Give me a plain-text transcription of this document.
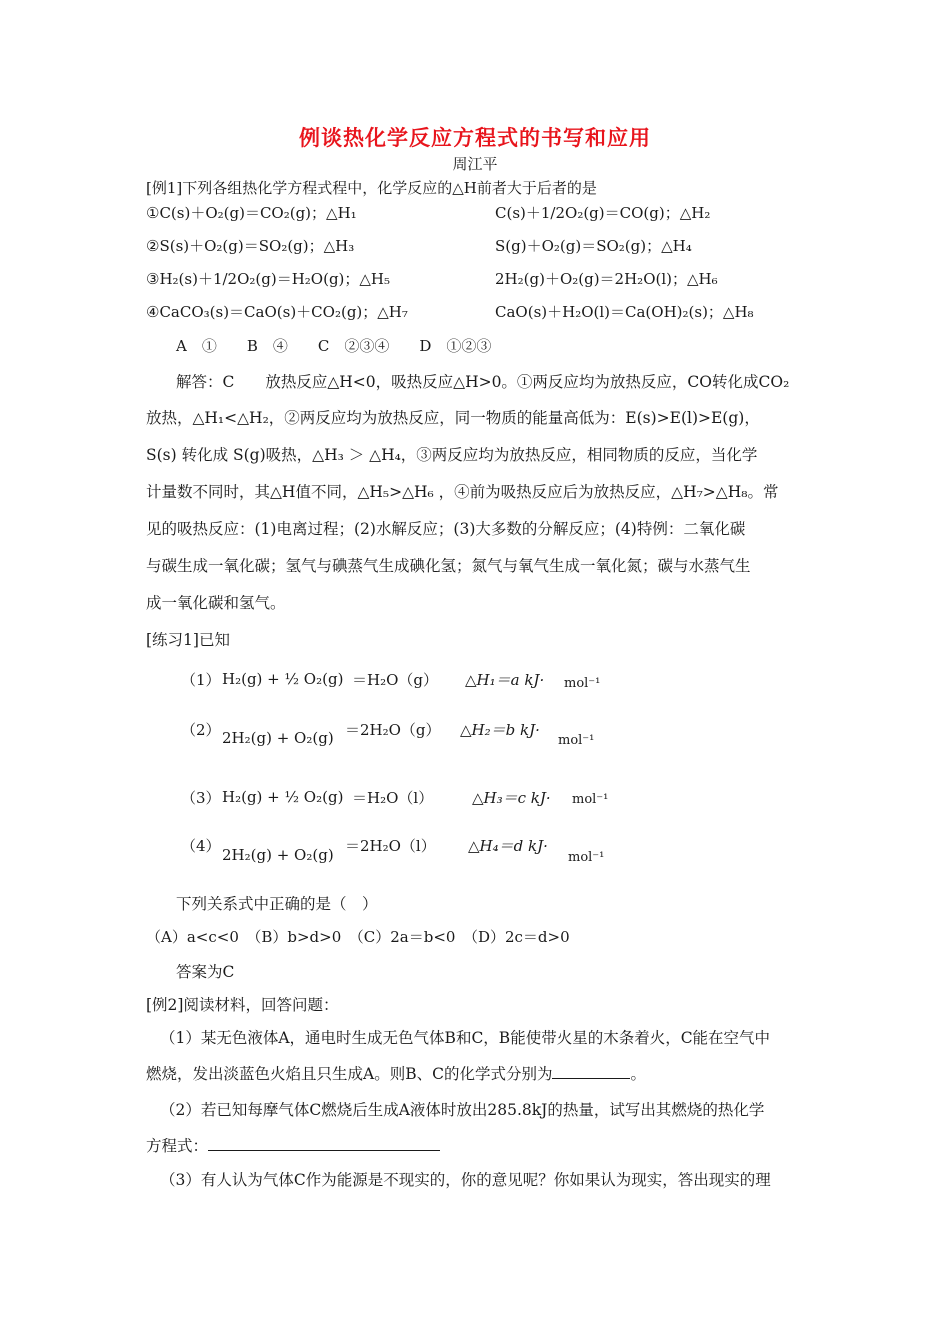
例谈热化学反应方程式的书写和应用
周江平
[例1]下列各组热化学方程式程中，化学反应的△H前者大于后者的是
①C(s)＋O₂(g)＝CO₂(g)；△H₁	C(s)＋1/2O₂(g)＝CO(g)；△H₂
②S(s)＋O₂(g)＝SO₂(g)；△H₃	S(g)＋O₂(g)＝SO₂(g)；△H₄
③H₂(s)＋1/2O₂(g)＝H₂O(g)；△H₅	2H₂(g)＋O₂(g)＝2H₂O(l)；△H₆
④CaCO₃(s)＝CaO(s)＋CO₂(g)；△H₇	CaO(s)＋H₂O(l)＝Ca(OH)₂(s)；△H₈
A　①　　B　④　　C　②③④　　D　①②③
解答：C　　放热反应△H<0，吸热反应△H>0。①两反应均为放热反应，CO转化成CO₂
放热，△H₁<△H₂，②两反应均为放热反应，同一物质的能量高低为：E(s)>E(l)>E(g)，
S(s) 转化成 S(g)吸热，△H₃ ＞ △H₄，③两反应均为放热反应，相同物质的反应，当化学
计量数不同时，其△H值不同，△H₅>△H₆ ，④前为吸热反应后为放热反应，△H₇>△H₈。常
见的吸热反应：(1)电离过程；(2)水解反应；(3)大多数的分解反应；(4)特例：二氧化碳
与碳生成一氧化碳；氢气与碘蒸气生成碘化氢；氮气与氧气生成一氧化氮；碳与水蒸气生
成一氧化碳和氢气。
[练习1]已知
（1） H₂(g) + ½ O₂(g) ＝H₂O（g） △H₁＝a kJ· mol⁻¹
（2） 2H₂(g) + O₂(g) ＝2H₂O（g） △H₂＝b kJ·
mol⁻¹
（3） H₂(g) + ½ O₂(g) ＝H₂O（l）	△H₃＝c kJ· mol⁻¹
（4） 2H₂(g) + O₂(g) ＝2H₂O（l） △H₄＝d kJ·
mol⁻¹
下列关系式中正确的是（　）
（A）a<c<0　（B）b>d>0　（C）2a＝b<0　（D）2c＝d>0
答案为C
[例2]阅读材料，回答问题：
（1）某无色液体A，通电时生成无色气体B和C，B能使带火星的木条着火，C能在空气中
燃烧，发出淡蓝色火焰且只生成A。则B、C的化学式分别为	。
（2）若已知每摩气体C燃烧后生成A液体时放出285.8kJ的热量，试写出其燃烧的热化学
方程式：
（3）有人认为气体C作为能源是不现实的，你的意见呢？你如果认为现实，答出现实的理
